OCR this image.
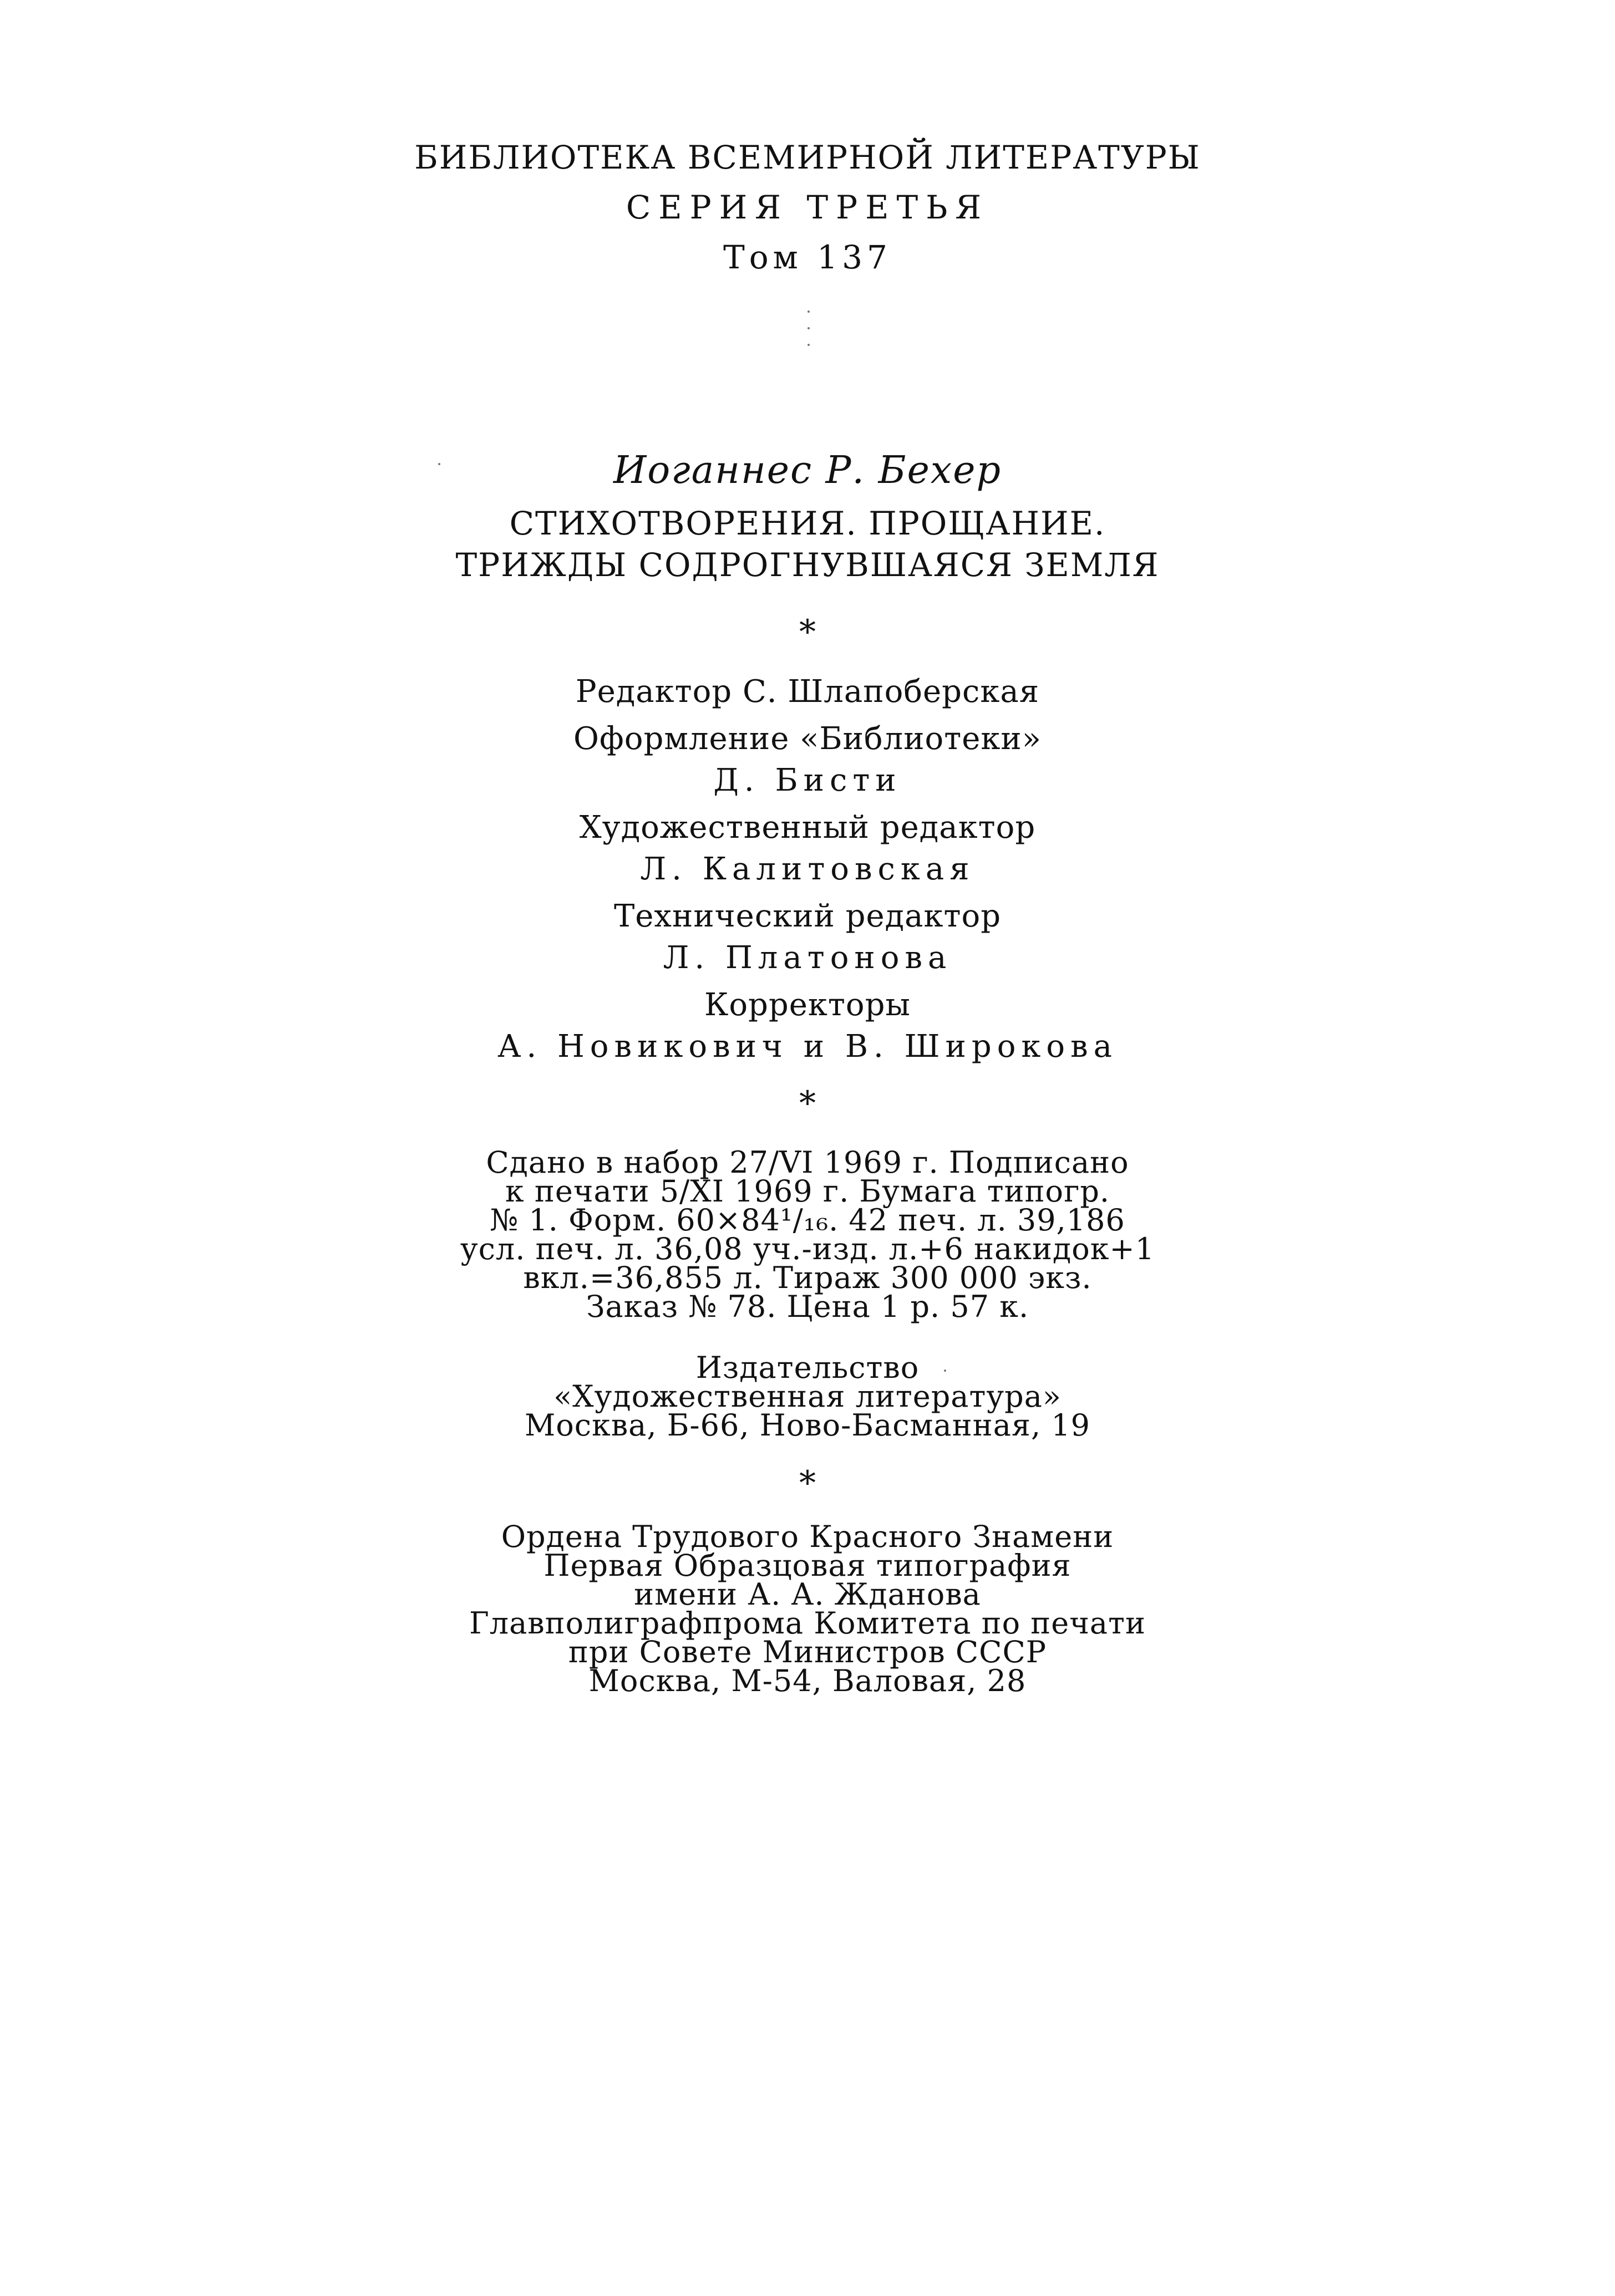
БИБЛИОТЕКА ВСЕМИРНОЙ ЛИТЕРАТУРЫ
СЕРИЯ ТРЕТЬЯ
Том 137
Иоганнес Р. Бехер
СТИХОТВОРЕНИЯ. ПРОЩАНИЕ.
ТРИЖДЫ СОДРОГНУВШАЯСЯ ЗЕМЛЯ
*
Редактор С. Шлапоберская
Оформление «Библиотеки»
Д. Бисти
Художественный редактор
Л. Калитовская
Технический редактор
Л. Платонова
Корректоры
А. Новикович и В. Широкова
*
Сдано в набор 27/VI 1969 г. Подписано
к печати 5/XI 1969 г. Бумага типогр.
№ 1. Форм. 60×84¹/₁₆. 42 печ. л. 39,186
усл. печ. л. 36,08 уч.-изд. л.+6 накидок+1
вкл.=36,855 л. Тираж 300 000 экз.
Заказ № 78. Цена 1 р. 57 к.
Издательство
«Художественная литература»
Москва, Б-66, Ново-Басманная, 19
*
Ордена Трудового Красного Знамени
Первая Образцовая типография
имени А. А. Жданова
Главполиграфпрома Комитета по печати
при Совете Министров СССР
Москва, М-54, Валовая, 28
